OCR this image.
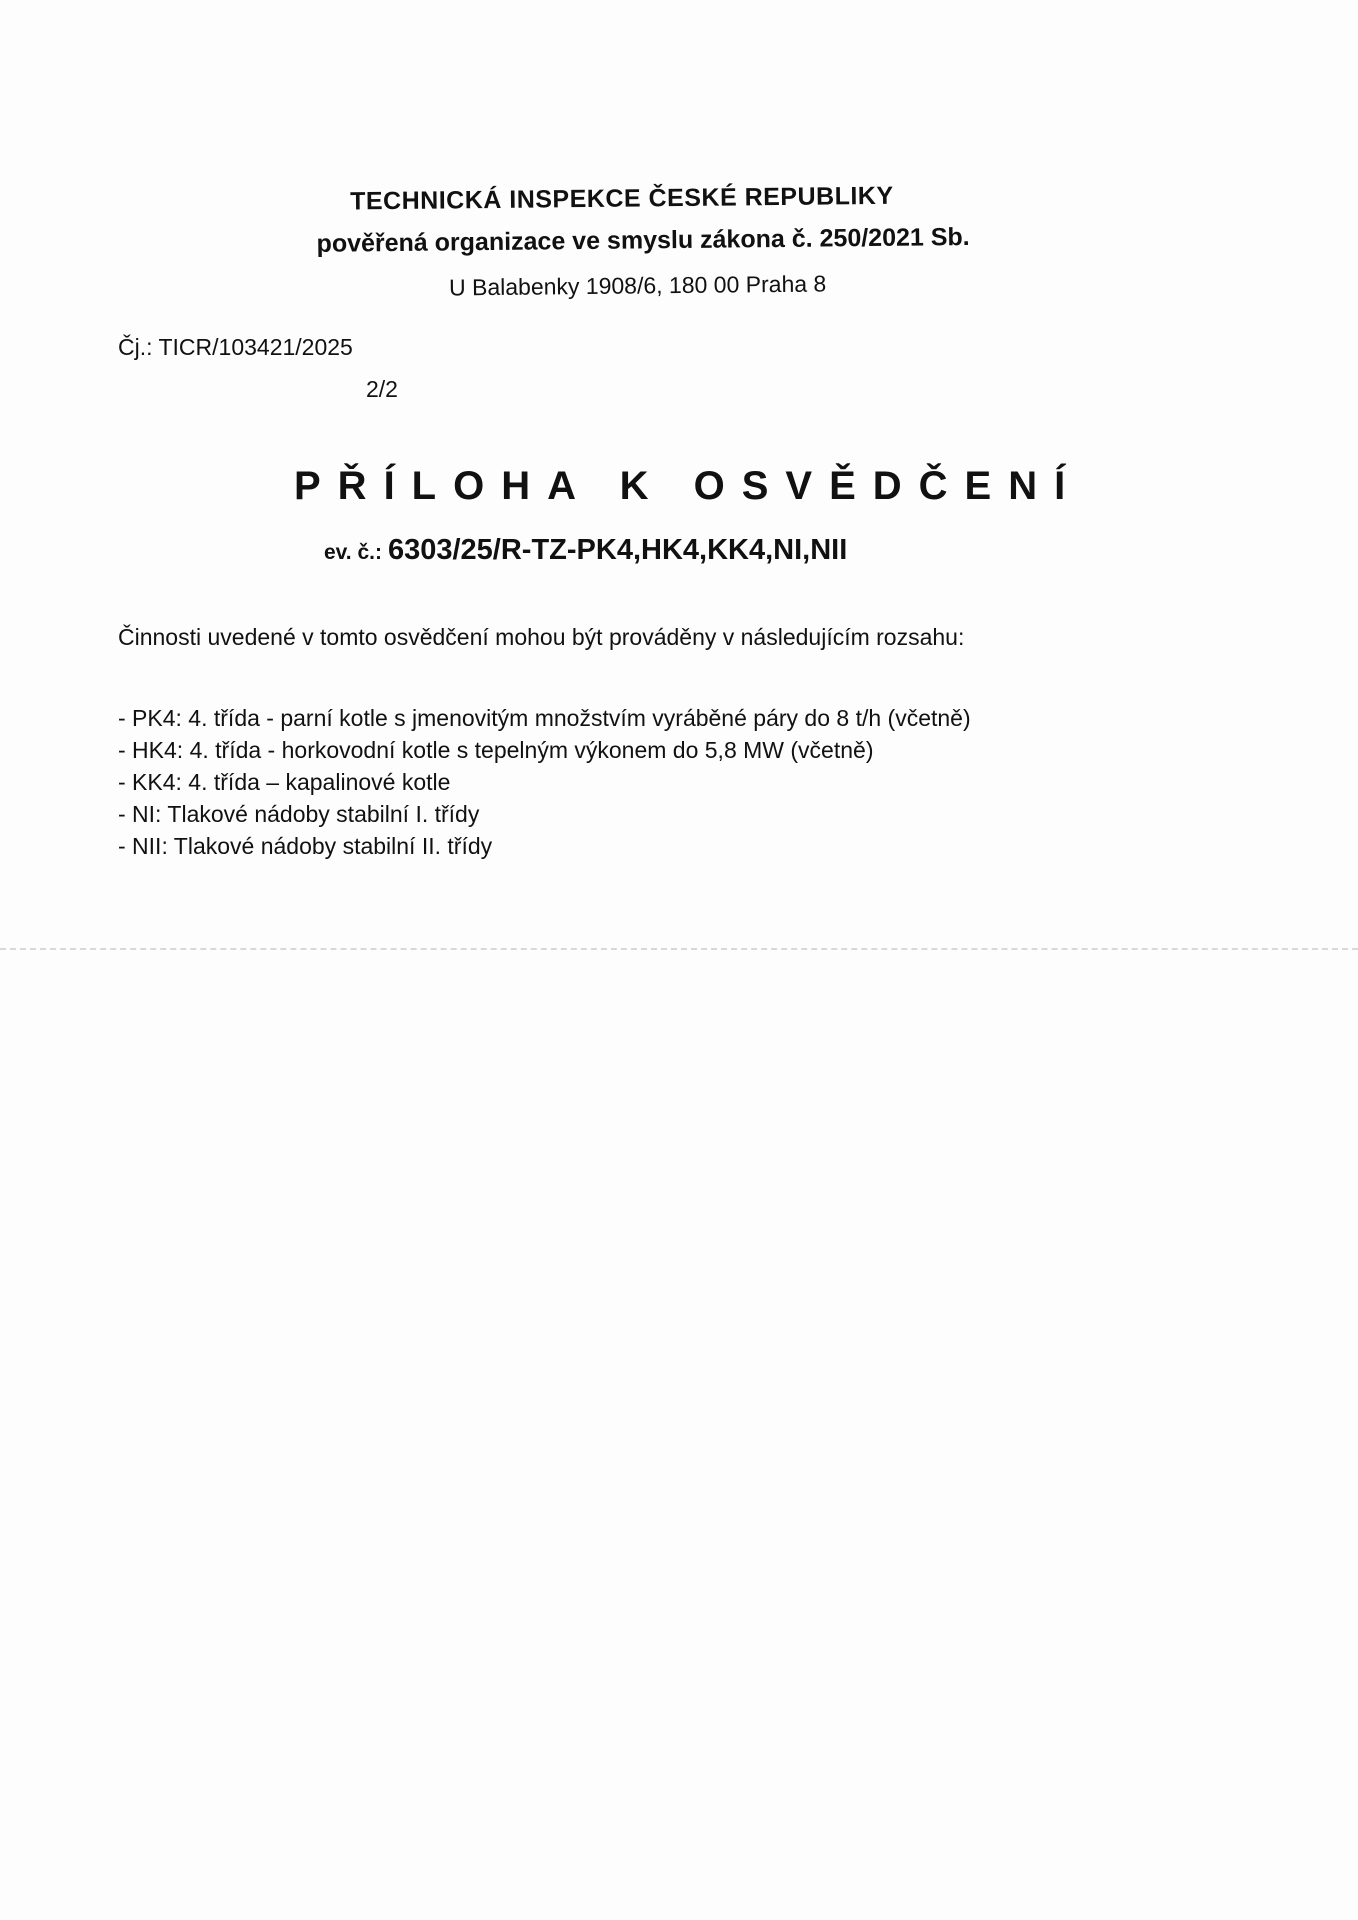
TECHNICKÁ INSPEKCE ČESKÉ REPUBLIKY
pověřená organizace ve smyslu zákona č. 250/2021 Sb.
U Balabenky 1908/6, 180 00 Praha 8
Čj.: TICR/103421/2025
2/2
PŘÍLOHA K OSVĚDČENÍ
ev. č.: 6303/25/R-TZ-PK4,HK4,KK4,NI,NII
Činnosti uvedené v tomto osvědčení mohou být prováděny v následujícím rozsahu:
- PK4: 4. třída - parní kotle s jmenovitým množstvím vyráběné páry do 8 t/h (včetně)
- HK4: 4. třída - horkovodní kotle s tepelným výkonem do 5,8 MW (včetně)
- KK4: 4. třída – kapalinové kotle
- NI: Tlakové nádoby stabilní I. třídy
- NII: Tlakové nádoby stabilní II. třídy
